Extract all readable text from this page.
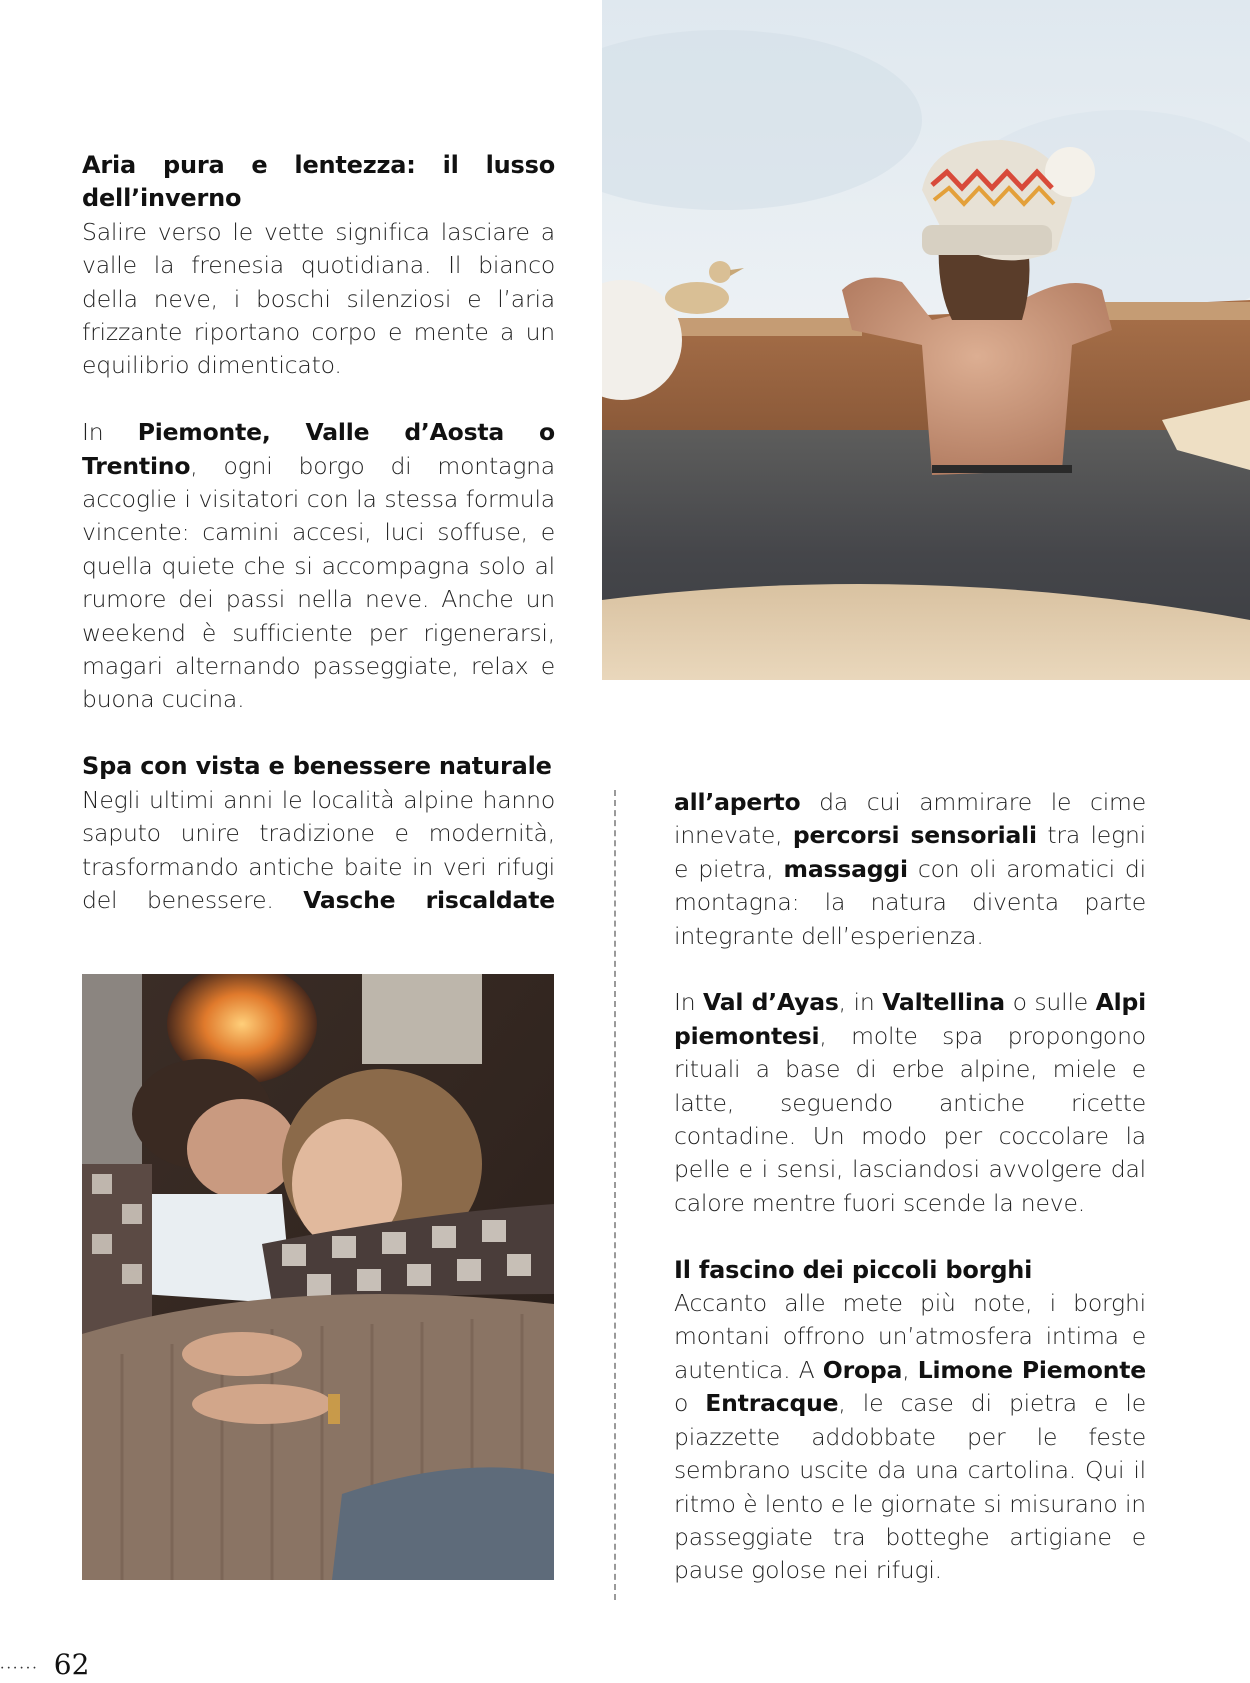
Aria pura e lentezza: il lusso dell’inverno

Salire verso le vette significa lasciare a valle la frenesia quotidiana. Il bianco della neve, i boschi silenziosi e l’aria frizzante riportano corpo e mente a un equilibrio dimenticato.

In Piemonte, Valle d’Aosta o Trentino, ogni borgo di montagna accoglie i visitatori con la stessa formula vincente: camini accesi, luci soffuse, e quella quiete che si accompagna solo al rumore dei passi nella neve. Anche un weekend è sufficiente per rigenerarsi, magari alternando passeggiate, relax e buona cucina.

Spa con vista e benessere naturale

Negli ultimi anni le località alpine hanno saputo unire tradizione e modernità, trasformando antiche baite in veri rifugi del benessere. Vasche riscaldate

all’aperto da cui ammirare le cime innevate, percorsi sensoriali tra legni e pietra, massaggi con oli aromatici di montagna: la natura diventa parte integrante dell’esperienza.

In Val d’Ayas, in Valtellina o sulle Alpi piemontesi, molte spa propongono rituali a base di erbe alpine, miele e latte, seguendo antiche ricette contadine. Un modo per coccolare la pelle e i sensi, lasciandosi avvolgere dal calore mentre fuori scende la neve.

Il fascino dei piccoli borghi

Accanto alle mete più note, i borghi montani offrono un’atmosfera intima e autentica. A Oropa, Limone Piemonte o Entracque, le case di pietra e le piazzette addobbate per le feste sembrano uscite da una cartolina. Qui il ritmo è lento e le giornate si misurano in passeggiate tra botteghe artigiane e pause golose nei rifugi.

...... 62
